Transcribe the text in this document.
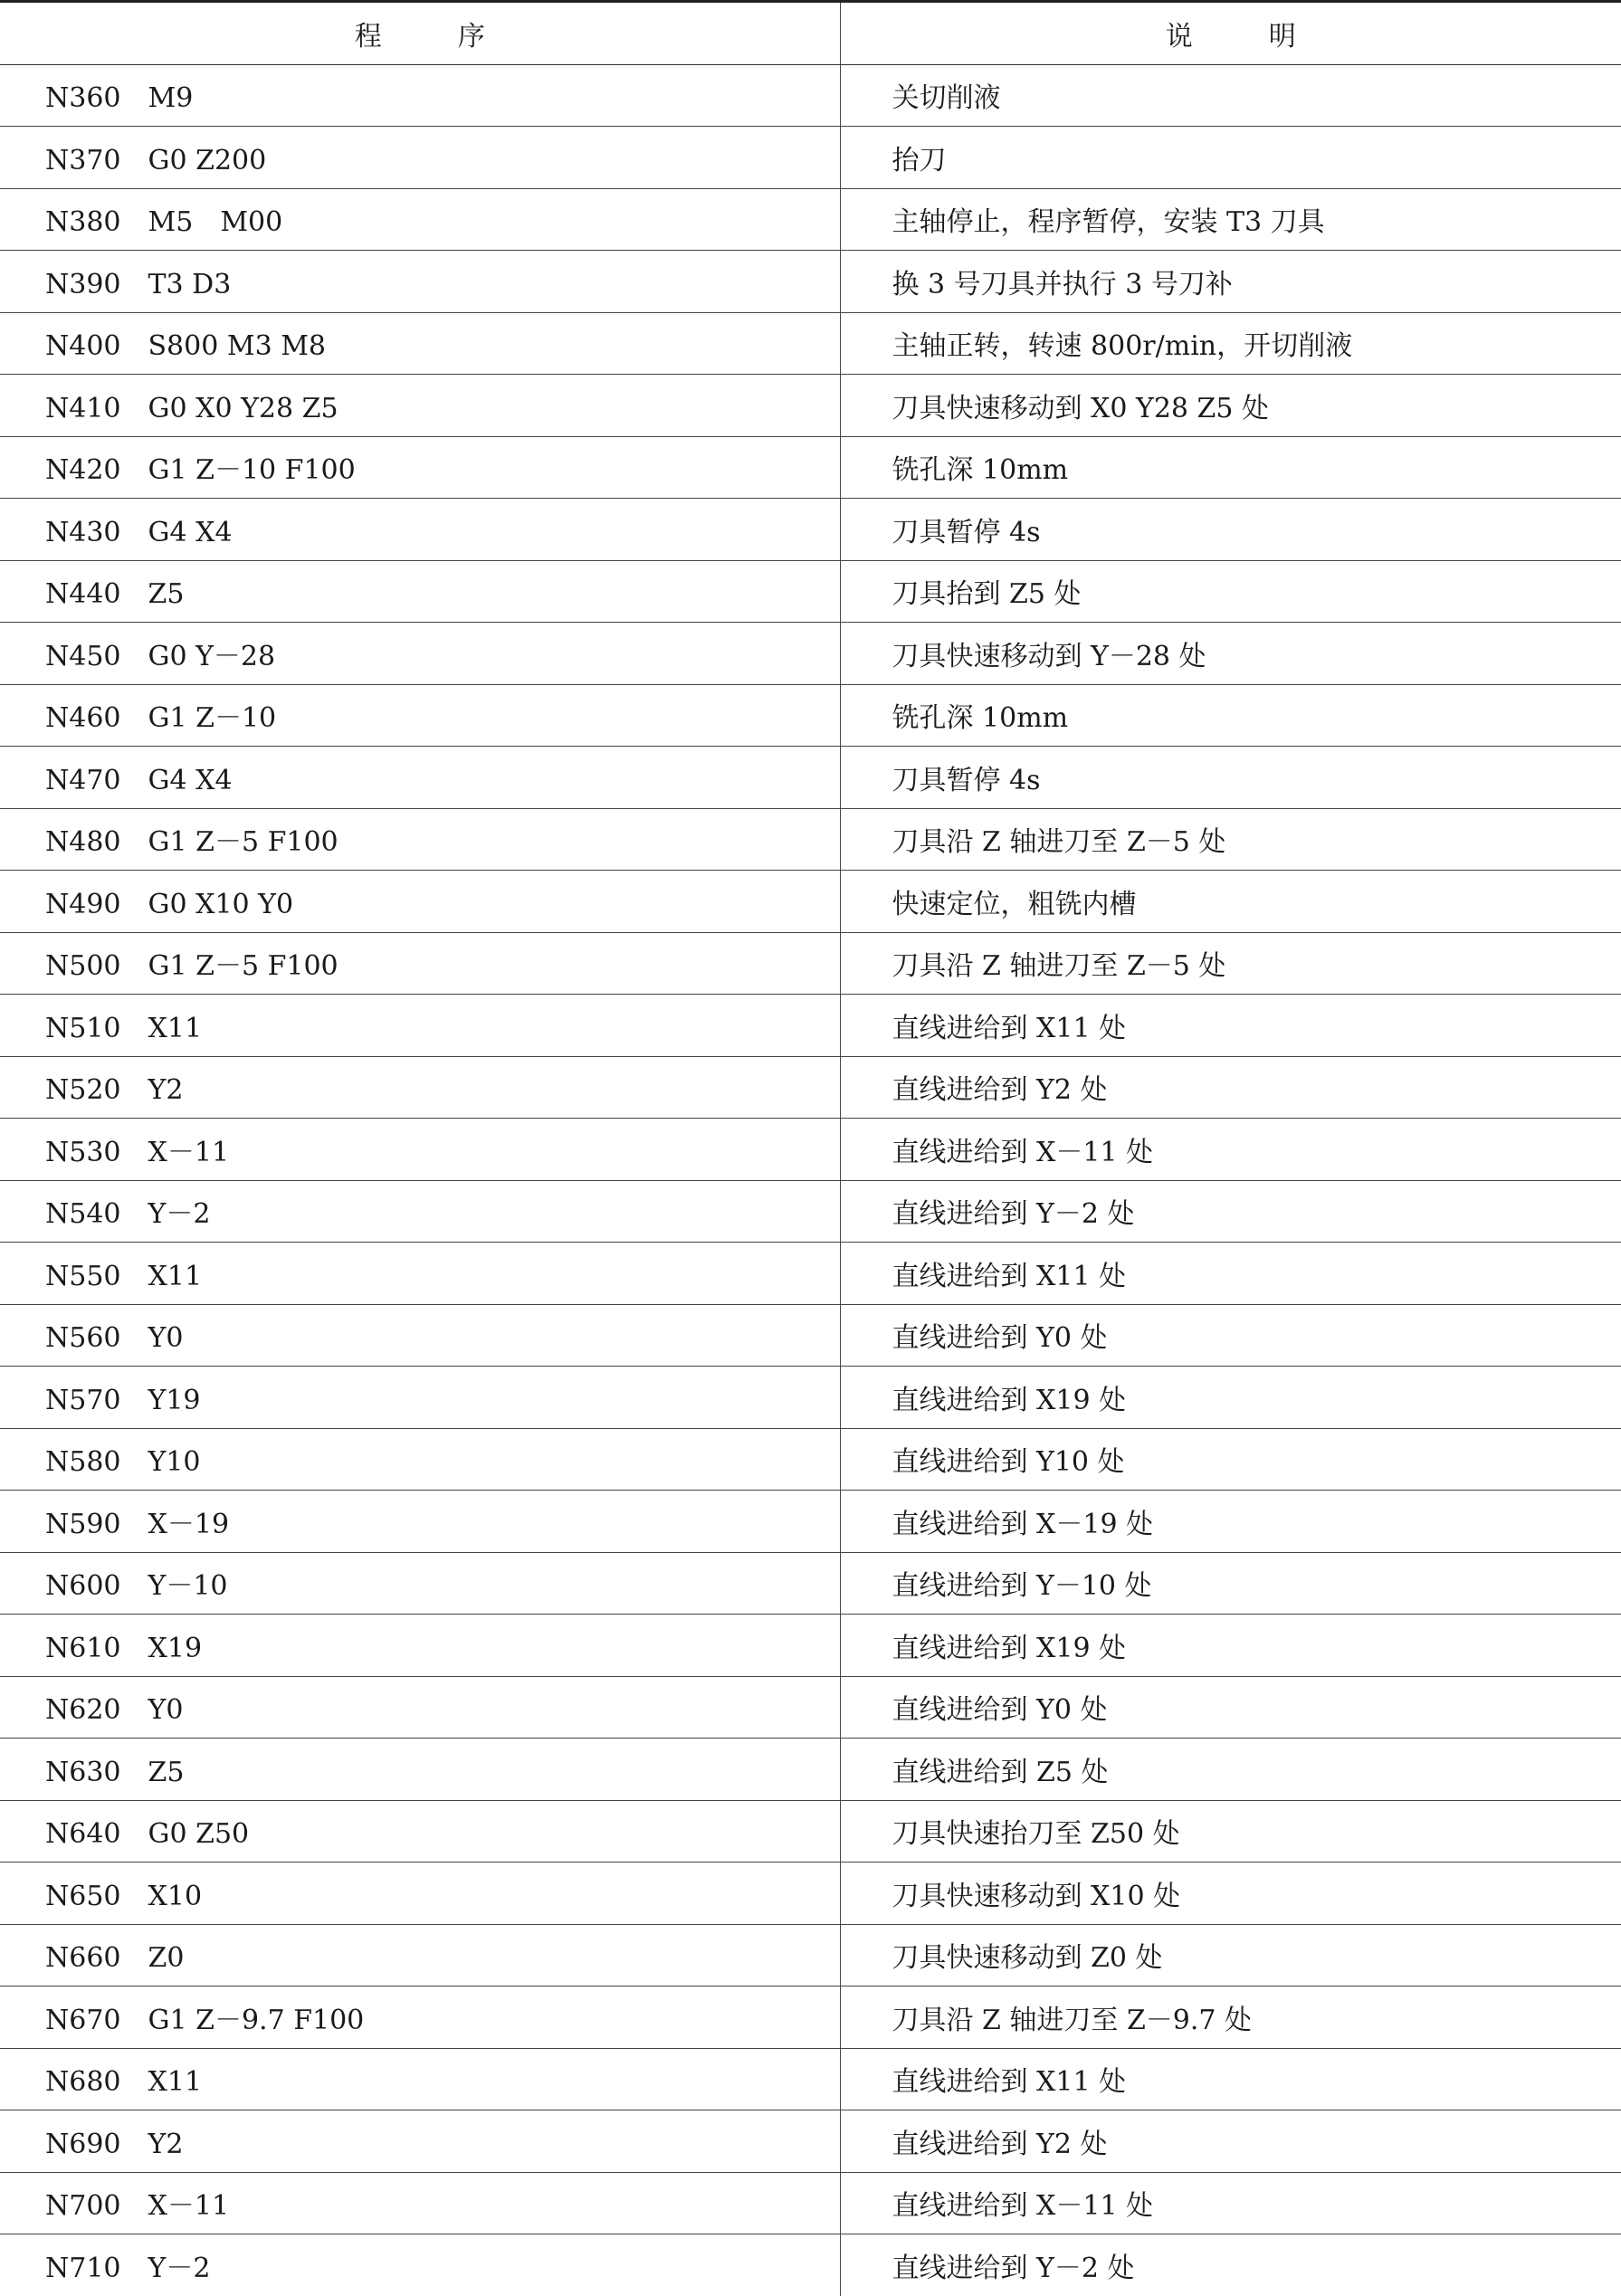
程　序	说　明
N360　M9	关切削液
N370　G0 Z200	抬刀
N380　M5　M00	主轴停止，程序暂停，安装 T3 刀具
N390　T3 D3	换 3 号刀具并执行 3 号刀补
N400　S800 M3 M8	主轴正转，转速 800r/min，开切削液
N410　G0 X0 Y28 Z5	刀具快速移动到 X0 Y28 Z5 处
N420　G1 Z－10 F100	铣孔深 10mm
N430　G4 X4	刀具暂停 4s
N440　Z5	刀具抬到 Z5 处
N450　G0 Y－28	刀具快速移动到 Y－28 处
N460　G1 Z－10	铣孔深 10mm
N470　G4 X4	刀具暂停 4s
N480　G1 Z－5 F100	刀具沿 Z 轴进刀至 Z－5 处
N490　G0 X10 Y0	快速定位，粗铣内槽
N500　G1 Z－5 F100	刀具沿 Z 轴进刀至 Z－5 处
N510　X11	直线进给到 X11 处
N520　Y2	直线进给到 Y2 处
N530　X－11	直线进给到 X－11 处
N540　Y－2	直线进给到 Y－2 处
N550　X11	直线进给到 X11 处
N560　Y0	直线进给到 Y0 处
N570　Y19	直线进给到 X19 处
N580　Y10	直线进给到 Y10 处
N590　X－19	直线进给到 X－19 处
N600　Y－10	直线进给到 Y－10 处
N610　X19	直线进给到 X19 处
N620　Y0	直线进给到 Y0 处
N630　Z5	直线进给到 Z5 处
N640　G0 Z50	刀具快速抬刀至 Z50 处
N650　X10	刀具快速移动到 X10 处
N660　Z0	刀具快速移动到 Z0 处
N670　G1 Z－9.7 F100	刀具沿 Z 轴进刀至 Z－9.7 处
N680　X11	直线进给到 X11 处
N690　Y2	直线进给到 Y2 处
N700　X－11	直线进给到 X－11 处
N710　Y－2	直线进给到 Y－2 处
